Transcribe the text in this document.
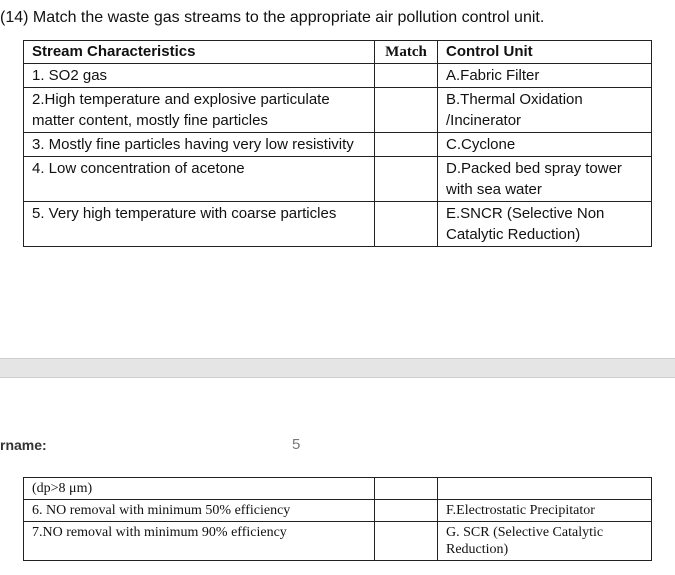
(14) Match the waste gas streams to the appropriate air pollution control unit.
Stream Characteristics	Match	Control Unit
1. SO2 gas		A.Fabric Filter
2.High temperature and explosive particulate matter content, mostly fine particles		B.Thermal Oxidation /Incinerator
3. Mostly fine particles having very low resistivity		C.Cyclone
4. Low concentration of acetone		D.Packed bed spray tower with sea water
5. Very high temperature with coarse particles		E.SNCR (Selective Non Catalytic Reduction)
rname:	5
(dp>8 μm)		
6. NO removal with minimum 50% efficiency		F.Electrostatic Precipitator
7.NO removal with minimum 90% efficiency		G. SCR (Selective Catalytic Reduction)
